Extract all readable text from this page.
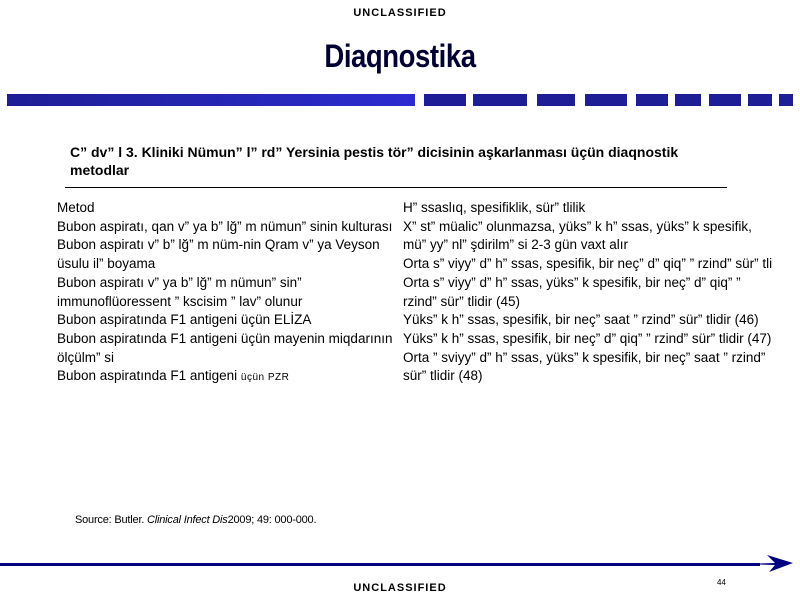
UNCLASSIFIED
Diaqnostika
C” dv” l 3. Kliniki Nümun” l” rd” Yersinia pestis tör” dicisinin aşkarlanması üçün diaqnostik metodlar

Metod

Bubon aspiratı, qan v” ya b” lğ” m nümun” sinin kulturası

Bubon aspiratı v” b” lğ” m nüm-nin Qram v” ya Veyson üsulu il” boyama

Bubon aspiratı v” ya b” lğ” m nümun” sin” immunoflüoressent ” kscisim ” lav” olunur

Bubon aspiratında F1 antigeni üçün ELİZA

Bubon aspiratında F1 antigeni üçün mayenin miqdarının ölçülm” si

Bubon aspiratında F1 antigeni üçün PZR

H” ssaslıq, spesifiklik, sür” tlilik

X” st” müalic” olunmazsa, yüks” k h” ssas, yüks” k spesifik, mü” yy” nl” şdirilm” si 2-3 gün vaxt alır

Orta s” viyy” d” h” ssas, spesifik, bir neç” d” qiq” ” rzind” sür” tli

Orta s” viyy” d” h” ssas, yüks” k spesifik, bir neç” d” qiq” ” rzind” sür” tlidir (45)

Yüks” k h” ssas, spesifik, bir neç” saat ” rzind” sür” tlidir (46)

Yüks” k h” ssas, spesifik, bir neç” d” qiq” ” rzind” sür” tlidir (47)

Orta ” sviyy” d” h” ssas, yüks” k spesifik, bir neç” saat ” rzind” sür” tlidir (48)

Source: Butler. Clinical Infect Dis2009; 49: 000-000.
44
UNCLASSIFIED
